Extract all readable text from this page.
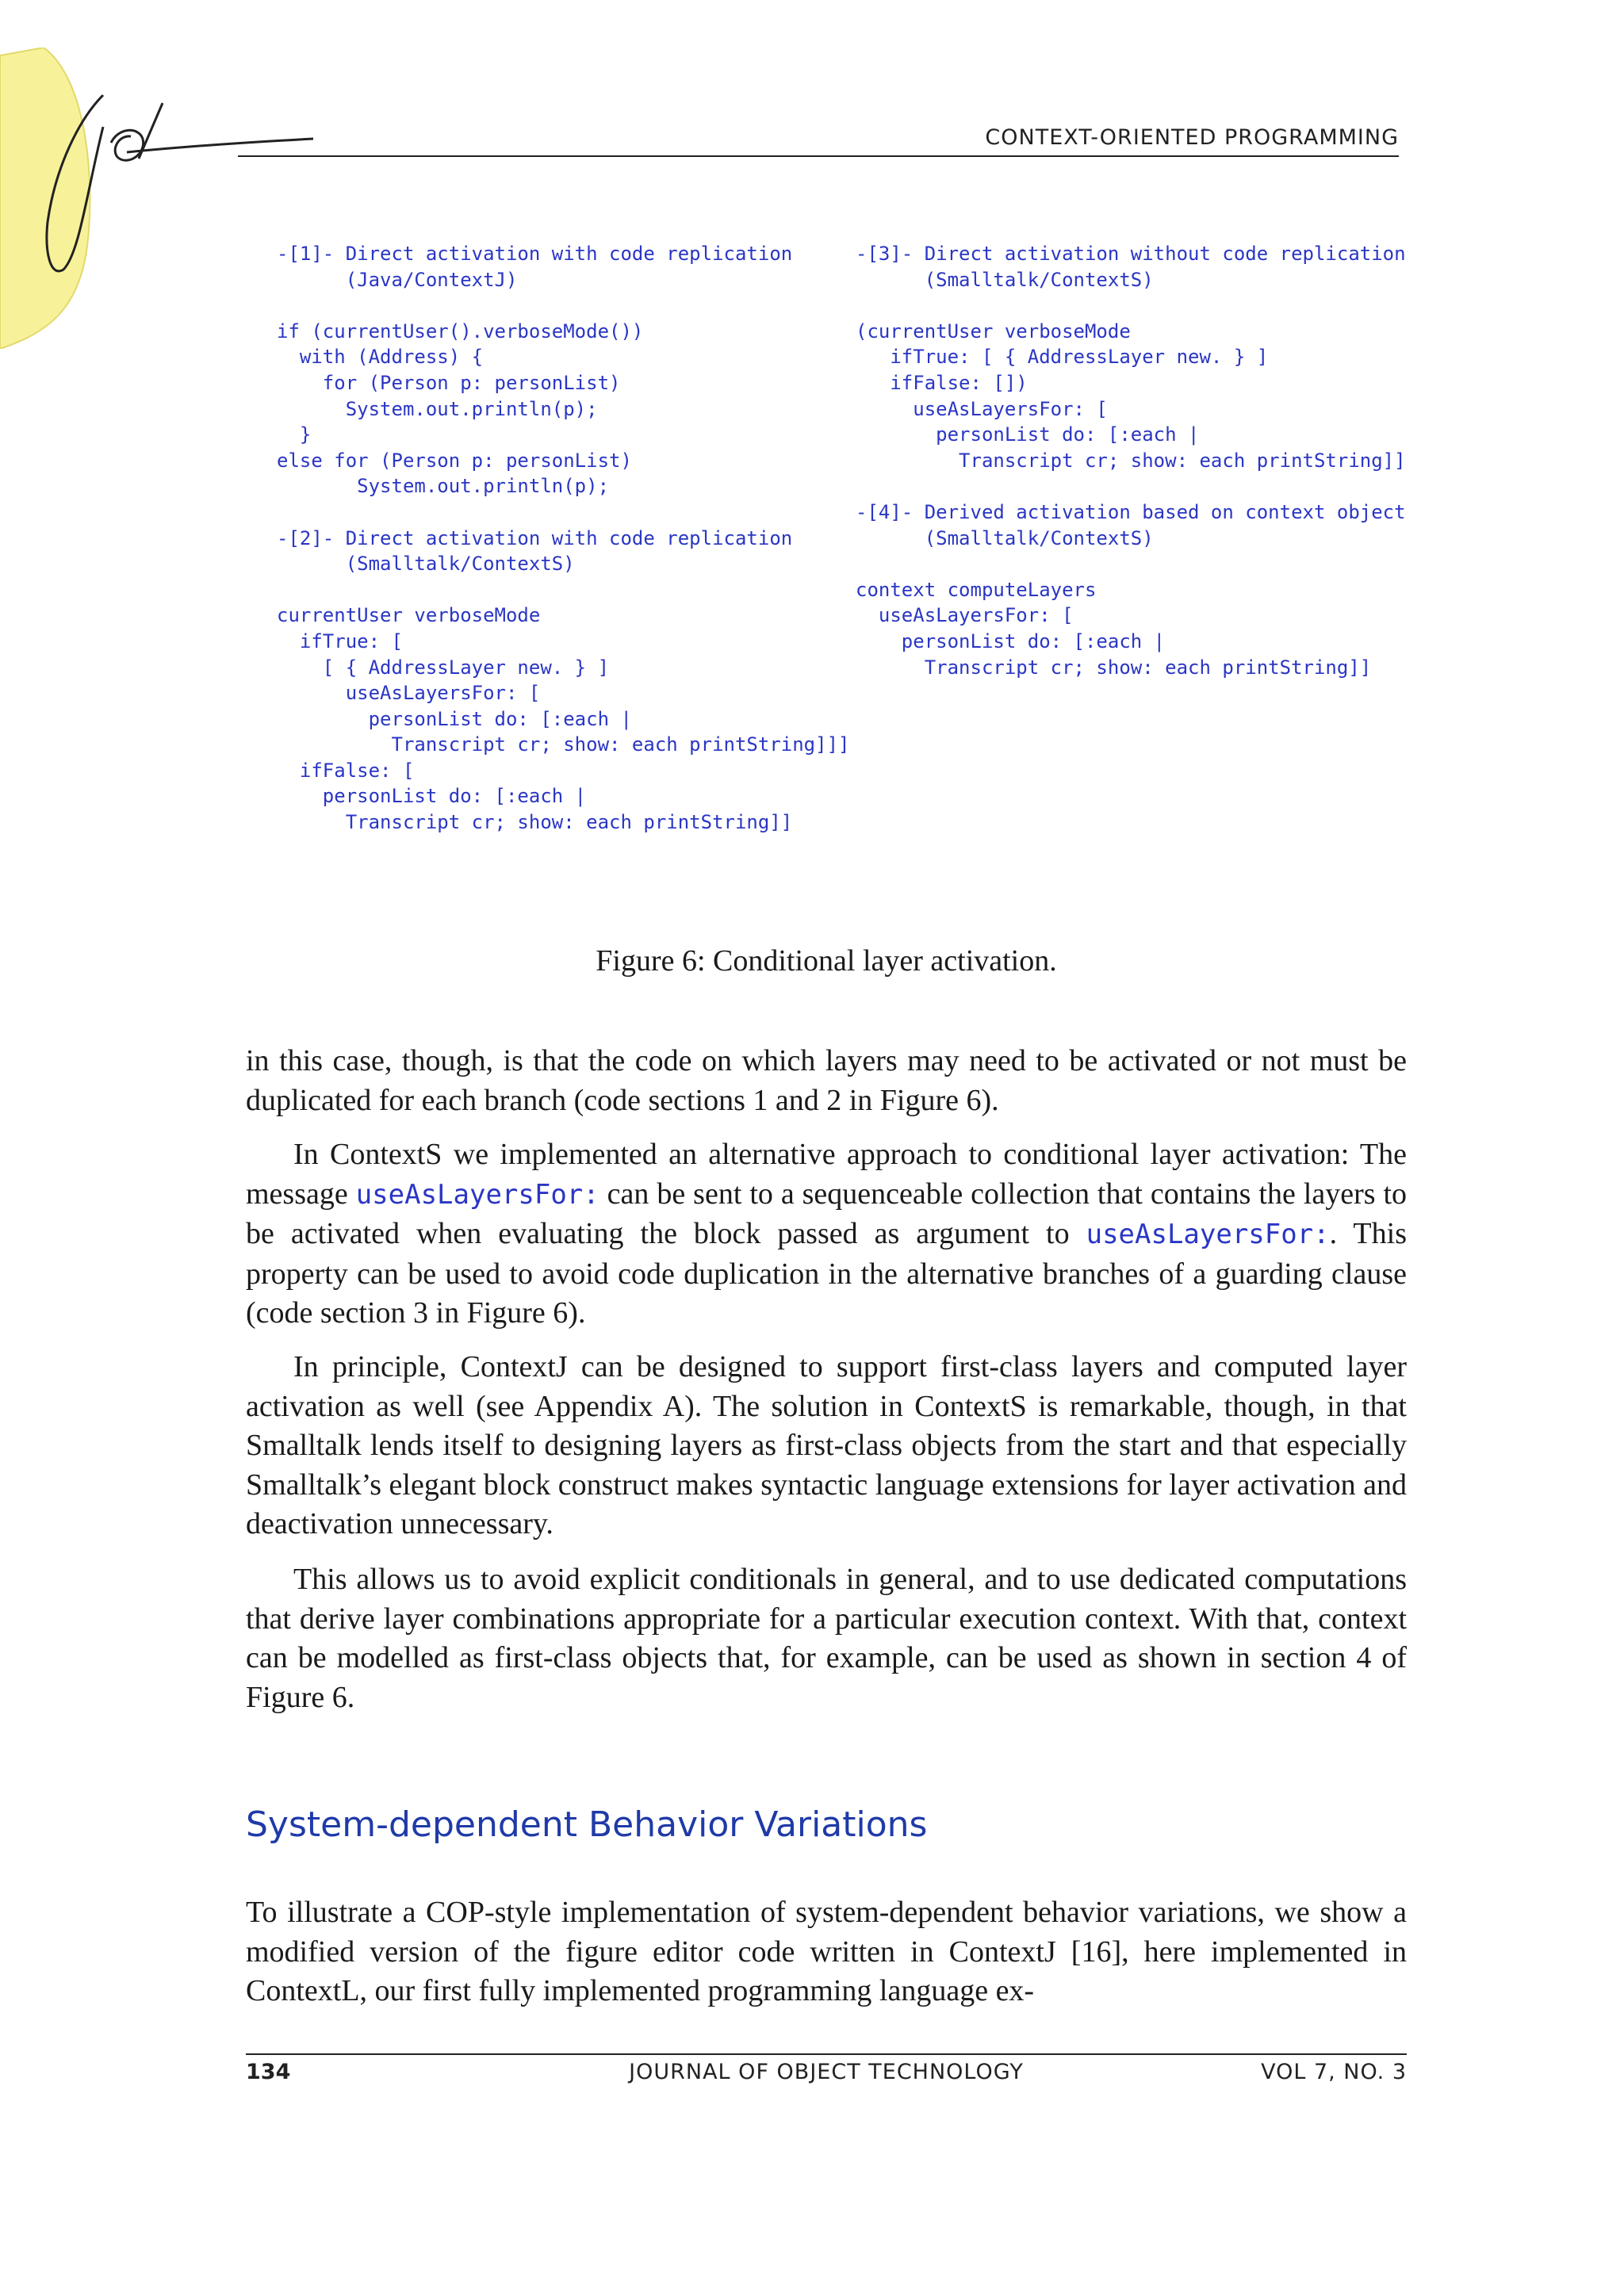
CONTEXT-ORIENTED PROGRAMMING
-[1]- Direct activation with code replication
(Java/ContextJ)
if (currentUser().verboseMode())
with (Address) {
for (Person p: personList)
System.out.println(p);
}
else for (Person p: personList)
System.out.println(p);
-[2]- Direct activation with code replication
(Smalltalk/ContextS)
currentUser verboseMode
ifTrue: [
[ { AddressLayer new. } ]
useAsLayersFor: [
personList do: [:each |
Transcript cr; show: each printString]]]
ifFalse: [
personList do: [:each |
Transcript cr; show: each printString]]
-[3]- Direct activation without code replication
(Smalltalk/ContextS)
(currentUser verboseMode
ifTrue: [ { AddressLayer new. } ]
ifFalse: [])
useAsLayersFor: [
personList do: [:each |
Transcript cr; show: each printString]]
-[4]- Derived activation based on context object
(Smalltalk/ContextS)
context computeLayers
useAsLayersFor: [
personList do: [:each |
Transcript cr; show: each printString]]
Figure 6: Conditional layer activation.

in this case, though, is that the code on which layers may need to be activated or not must be duplicated for each branch (code sections 1 and 2 in Figure 6).

In ContextS we implemented an alternative approach to conditional layer activation: The message useAsLayersFor: can be sent to a sequenceable collection that contains the layers to be activated when evaluating the block passed as argument to useAsLayersFor:. This property can be used to avoid code duplication in the alternative branches of a guarding clause (code section 3 in Figure 6).

In principle, ContextJ can be designed to support first-class layers and computed layer activation as well (see Appendix A). The solution in ContextS is remarkable, though, in that Smalltalk lends itself to designing layers as first-class objects from the start and that especially Smalltalk’s elegant block construct makes syntactic language extensions for layer activation and deactivation unnecessary.

This allows us to avoid explicit conditionals in general, and to use dedicated computations that derive layer combinations appropriate for a particular execution context. With that, context can be modelled as first-class objects that, for example, can be used as shown in section 4 of Figure 6.

System-dependent Behavior Variations

To illustrate a COP-style implementation of system-dependent behavior variations, we show a modified version of the figure editor code written in ContextJ [16], here implemented in ContextL, our first fully implemented programming language ex-

134	JOURNAL OF OBJECT TECHNOLOGY	VOL 7, NO. 3
